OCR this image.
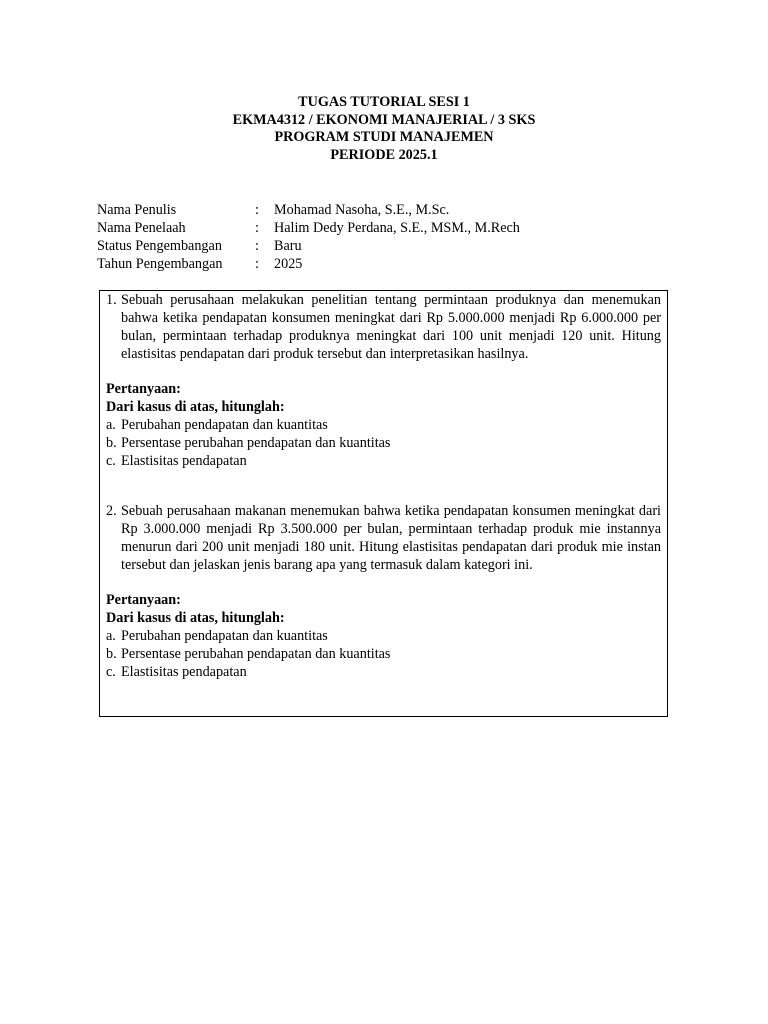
TUGAS TUTORIAL SESI 1
EKMA4312 / EKONOMI MANAJERIAL / 3 SKS
PROGRAM STUDI MANAJEMEN
PERIODE 2025.1
Nama Penulis	:	Mohamad Nasoha, S.E., M.Sc.
Nama Penelaah	:	Halim Dedy Perdana, S.E., MSM., M.Rech
Status Pengembangan	:	Baru
Tahun Pengembangan	:	2025
1. Sebuah perusahaan melakukan penelitian tentang permintaan produknya dan menemukan bahwa ketika pendapatan konsumen meningkat dari Rp 5.000.000 menjadi Rp 6.000.000 per bulan, permintaan terhadap produknya meningkat dari 100 unit menjadi 120 unit. Hitung elastisitas pendapatan dari produk tersebut dan interpretasikan hasilnya.
Pertanyaan:
Dari kasus di atas, hitunglah:
a. Perubahan pendapatan dan kuantitas
b. Persentase perubahan pendapatan dan kuantitas
c. Elastisitas pendapatan
2. Sebuah perusahaan makanan menemukan bahwa ketika pendapatan konsumen meningkat dari Rp 3.000.000 menjadi Rp 3.500.000 per bulan, permintaan terhadap produk mie instannya menurun dari 200 unit menjadi 180 unit. Hitung elastisitas pendapatan dari produk mie instan tersebut dan jelaskan jenis barang apa yang termasuk dalam kategori ini.
Pertanyaan:
Dari kasus di atas, hitunglah:
a. Perubahan pendapatan dan kuantitas
b. Persentase perubahan pendapatan dan kuantitas
c. Elastisitas pendapatan
